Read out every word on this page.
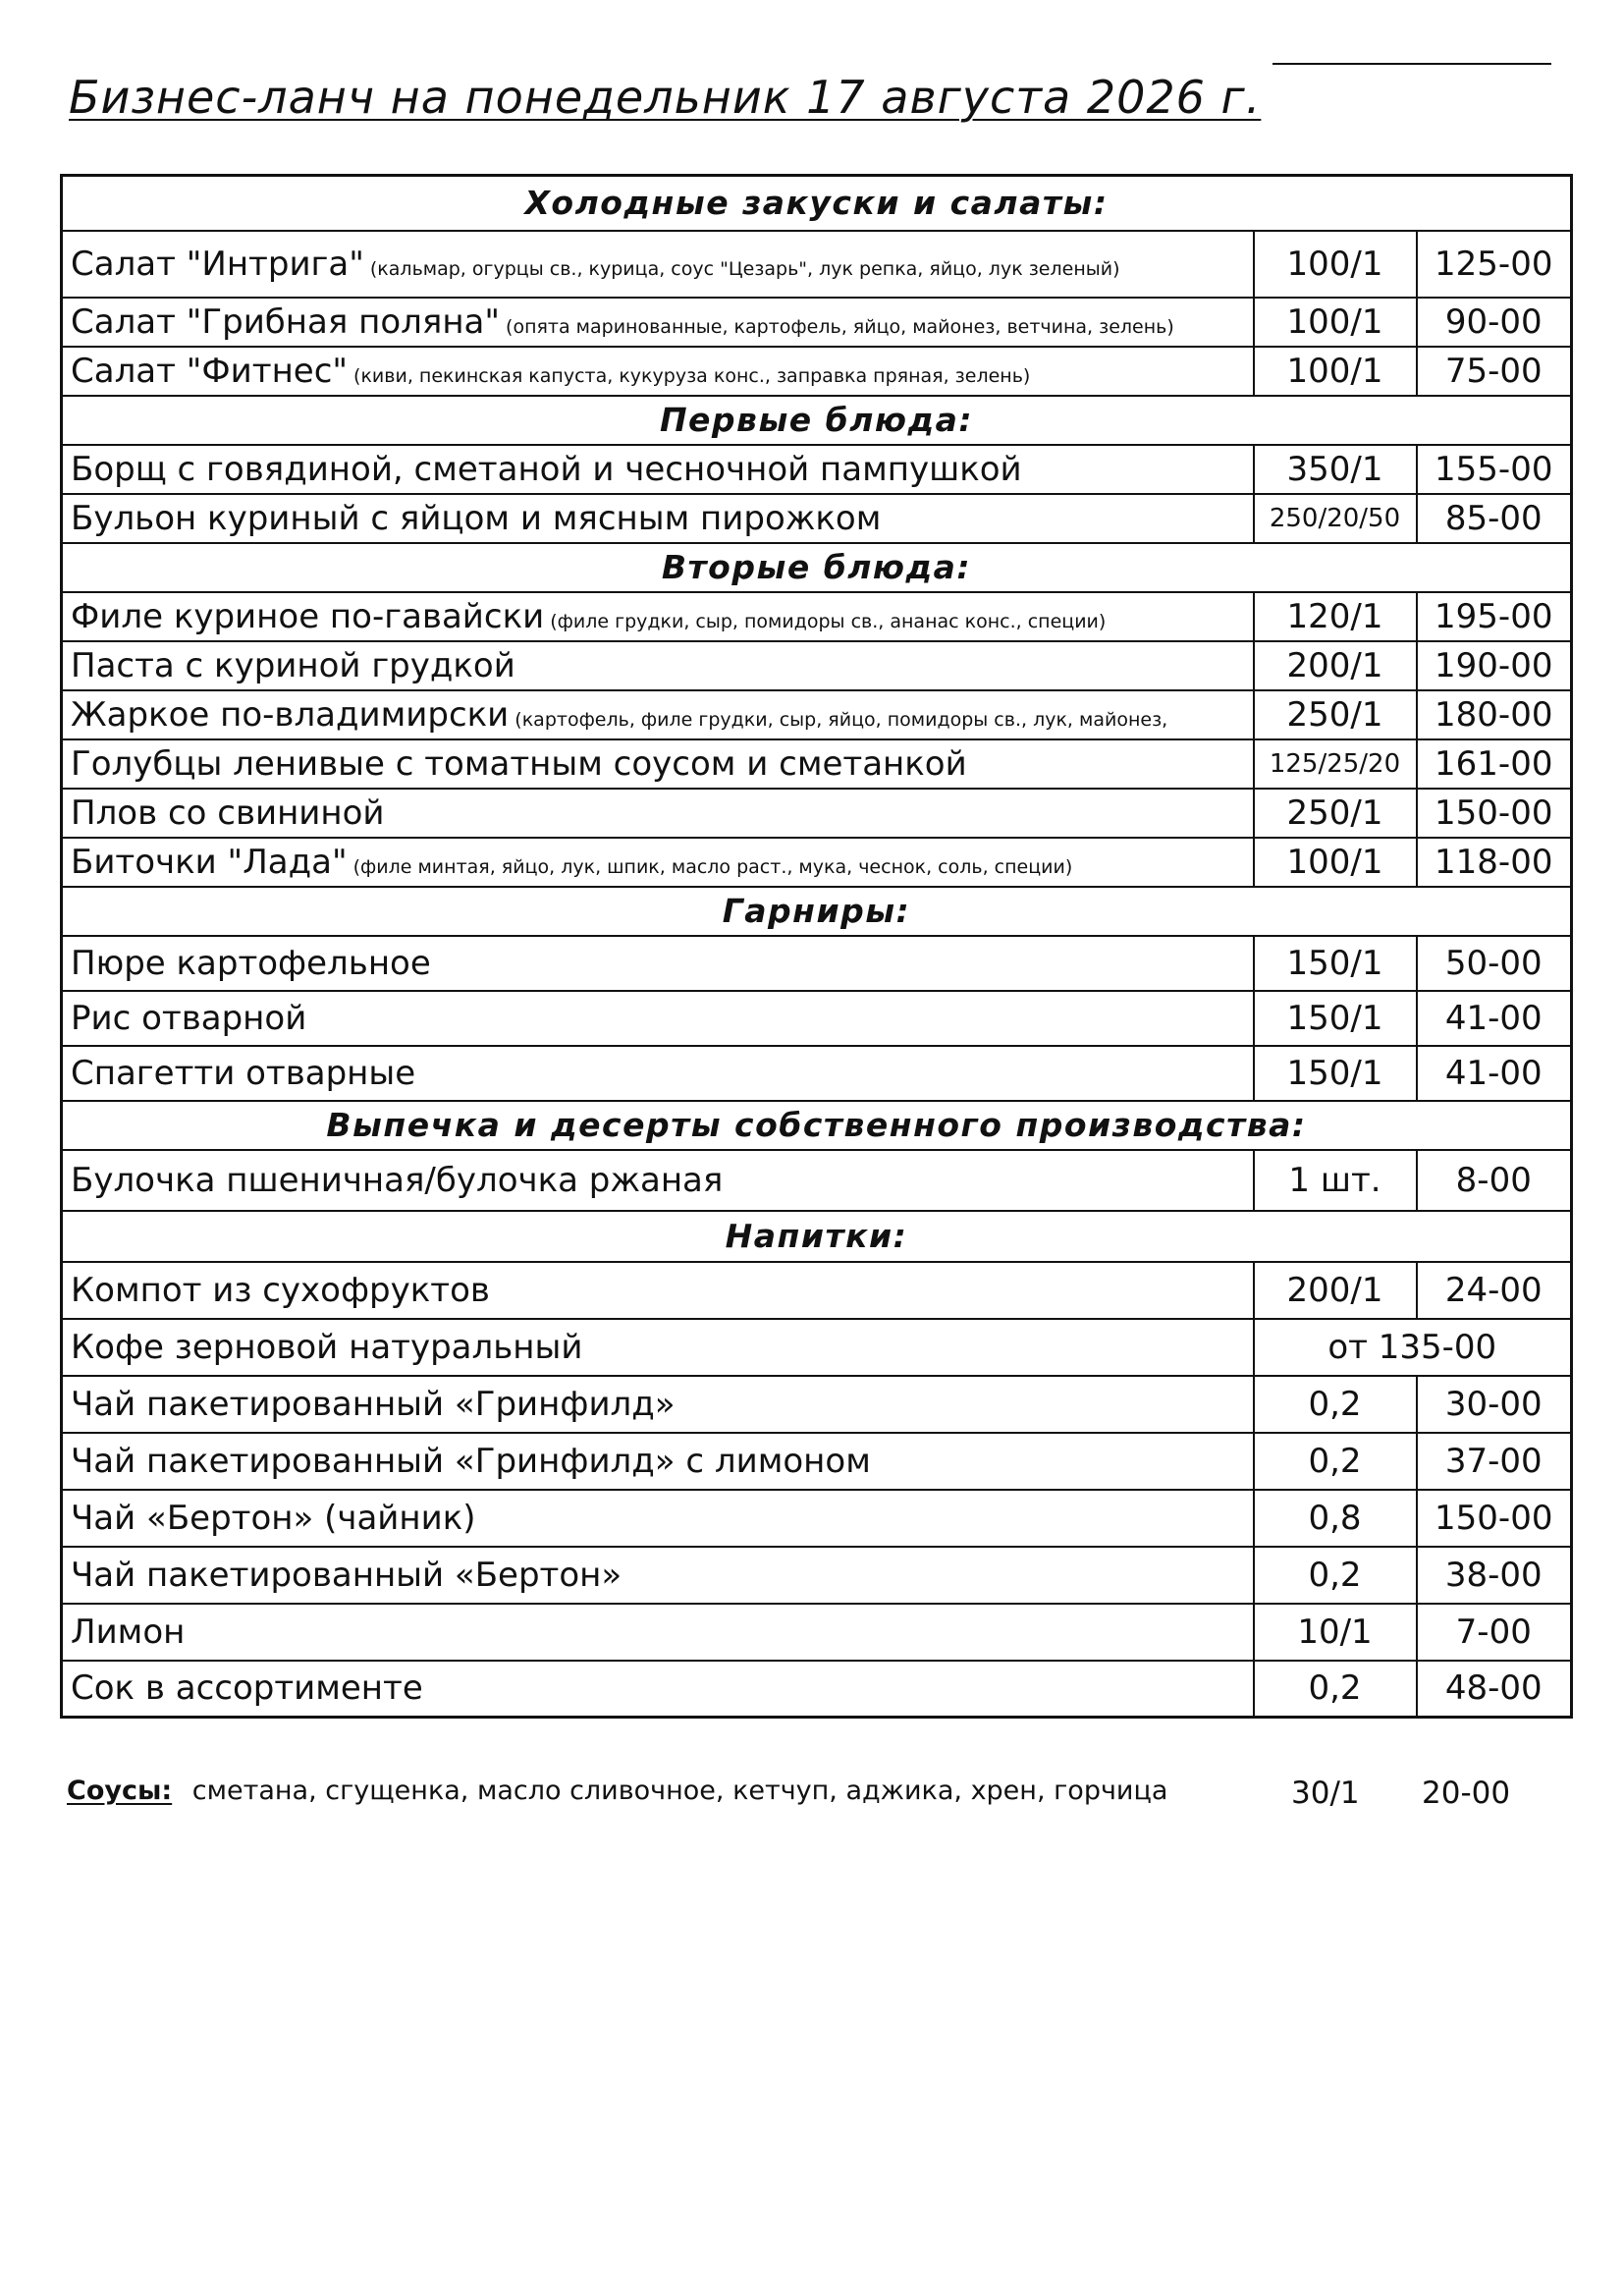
Бизнес-ланч на понедельник 17 августа 2026 г.
Холодные закуски и салаты:		
Салат "Интрига" (кальмар, огурцы св., курица, соус "Цезарь", лук репка, яйцо, лук зеленый)	100/1	125-00
Салат "Грибная поляна" (опята маринованные, картофель, яйцо, майонез, ветчина, зелень)	100/1	90-00
Салат "Фитнес" (киви, пекинская капуста, кукуруза конс., заправка пряная, зелень)	100/1	75-00
Первые блюда:		
Борщ с говядиной, сметаной и чесночной пампушкой	350/1	155-00
Бульон куриный с яйцом и мясным пирожком	250/20/50	85-00
Вторые блюда:		
Филе куриное по-гавайски (филе грудки, сыр, помидоры св., ананас конс., специи)	120/1	195-00
Паста с куриной грудкой	200/1	190-00
Жаркое по-владимирски (картофель, филе грудки, сыр, яйцо, помидоры св., лук, майонез,	250/1	180-00
Голубцы ленивые с томатным соусом и сметанкой	125/25/20	161-00
Плов со свининой	250/1	150-00
Биточки "Лада" (филе минтая, яйцо, лук, шпик, масло раст., мука, чеснок, соль, специи)	100/1	118-00
Гарниры:		
Пюре картофельное	150/1	50-00
Рис отварной	150/1	41-00
Спагетти отварные	150/1	41-00
Выпечка и десерты собственного производства:		
Булочка пшеничная/булочка ржаная	1 шт.	8-00
Напитки:		
Компот из сухофруктов	200/1	24-00
Кофе зерновой натуральный	от 135-00	
Чай пакетированный «Гринфилд»	0,2	30-00
Чай пакетированный «Гринфилд» с лимоном	0,2	37-00
Чай «Бертон» (чайник)	0,8	150-00
Чай пакетированный «Бертон»	0,2	38-00
Лимон	10/1	7-00
Сок в ассортименте	0,2	48-00
Соусы: сметана, сгущенка, масло сливочное, кетчуп, аджика, хрен, горчица	30/1 20-00
